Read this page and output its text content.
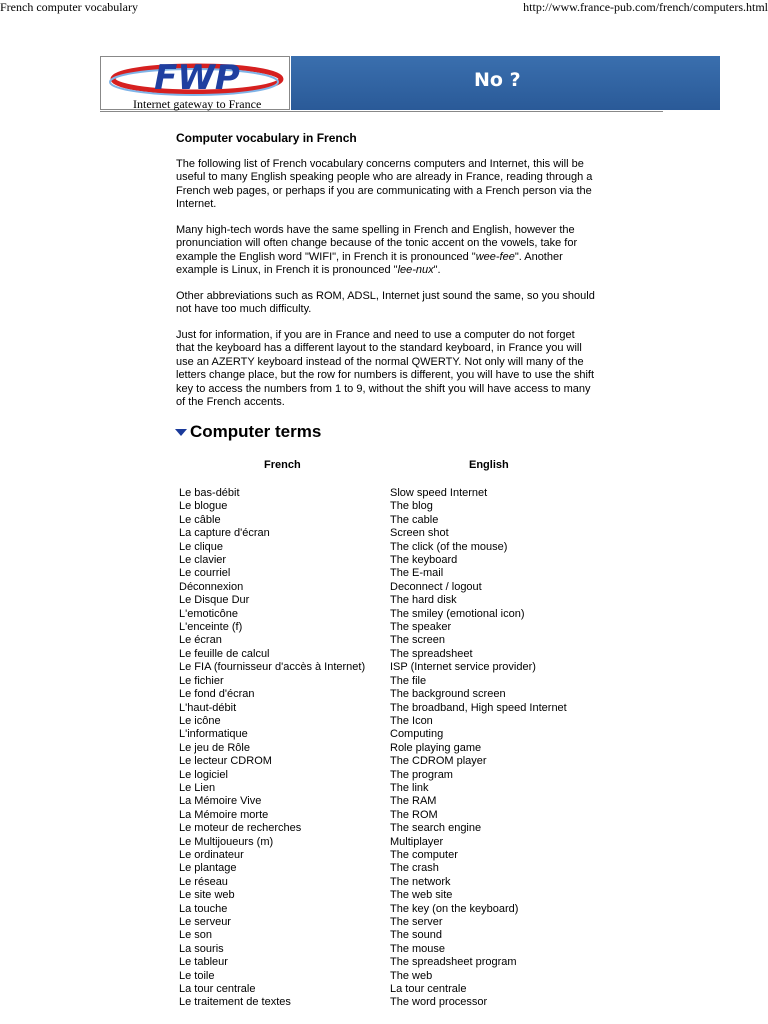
French computer vocabulary	http://www.france-pub.com/french/computers.html
FWP
Internet gateway to France
No ?
Computer vocabulary in French

The following list of French vocabulary concerns computers and Internet, this will be useful to many English speaking people who are already in France, reading through a French web pages, or perhaps if you are communicating with a French person via the Internet.

Many high-tech words have the same spelling in French and English, however the pronunciation will often change because of the tonic accent on the vowels, take for example the English word "WIFI", in French it is pronounced "wee-fee". Another example is Linux, in French it is pronounced "lee-nux".

Other abbreviations such as ROM, ADSL, Internet just sound the same, so you should not have too much difficulty.

Just for information, if you are in France and need to use a computer do not forget that the keyboard has a different layout to the standard keyboard, in France you will use an AZERTY keyboard instead of the normal QWERTY. Not only will many of the letters change place, but the row for numbers is different, you will have to use the shift key to access the numbers from 1 to 9, without the shift you will have access to many of the French accents.

Computer terms
French	English
Le bas-débit
Le blogue
Le câble
La capture d'écran
Le clique
Le clavier
Le courriel
Déconnexion
Le Disque Dur
L'emoticône
L'enceinte (f)
Le écran
Le feuille de calcul
Le FIA (fournisseur d'accès à Internet)
Le fichier
Le fond d'écran
L'haut-débit
Le icône
L'informatique
Le jeu de Rôle
Le lecteur CDROM
Le logiciel
Le Lien
La Mémoire Vive
La Mémoire morte
Le moteur de recherches
Le Multijoueurs (m)
Le ordinateur
Le plantage
Le réseau
Le site web
La touche
Le serveur
Le son
La souris
Le tableur
Le toile
La tour centrale
Le traitement de textes
Slow speed Internet
The blog
The cable
Screen shot
The click (of the mouse)
The keyboard
The E-mail
Deconnect / logout
The hard disk
The smiley (emotional icon)
The speaker
The screen
The spreadsheet
ISP (Internet service provider)
The file
The background screen
The broadband, High speed Internet
The Icon
Computing
Role playing game
The CDROM player
The program
The link
The RAM
The ROM
The search engine
Multiplayer
The computer
The crash
The network
The web site
The key (on the keyboard)
The server
The sound
The mouse
The spreadsheet program
The web
La tour centrale
The word processor
